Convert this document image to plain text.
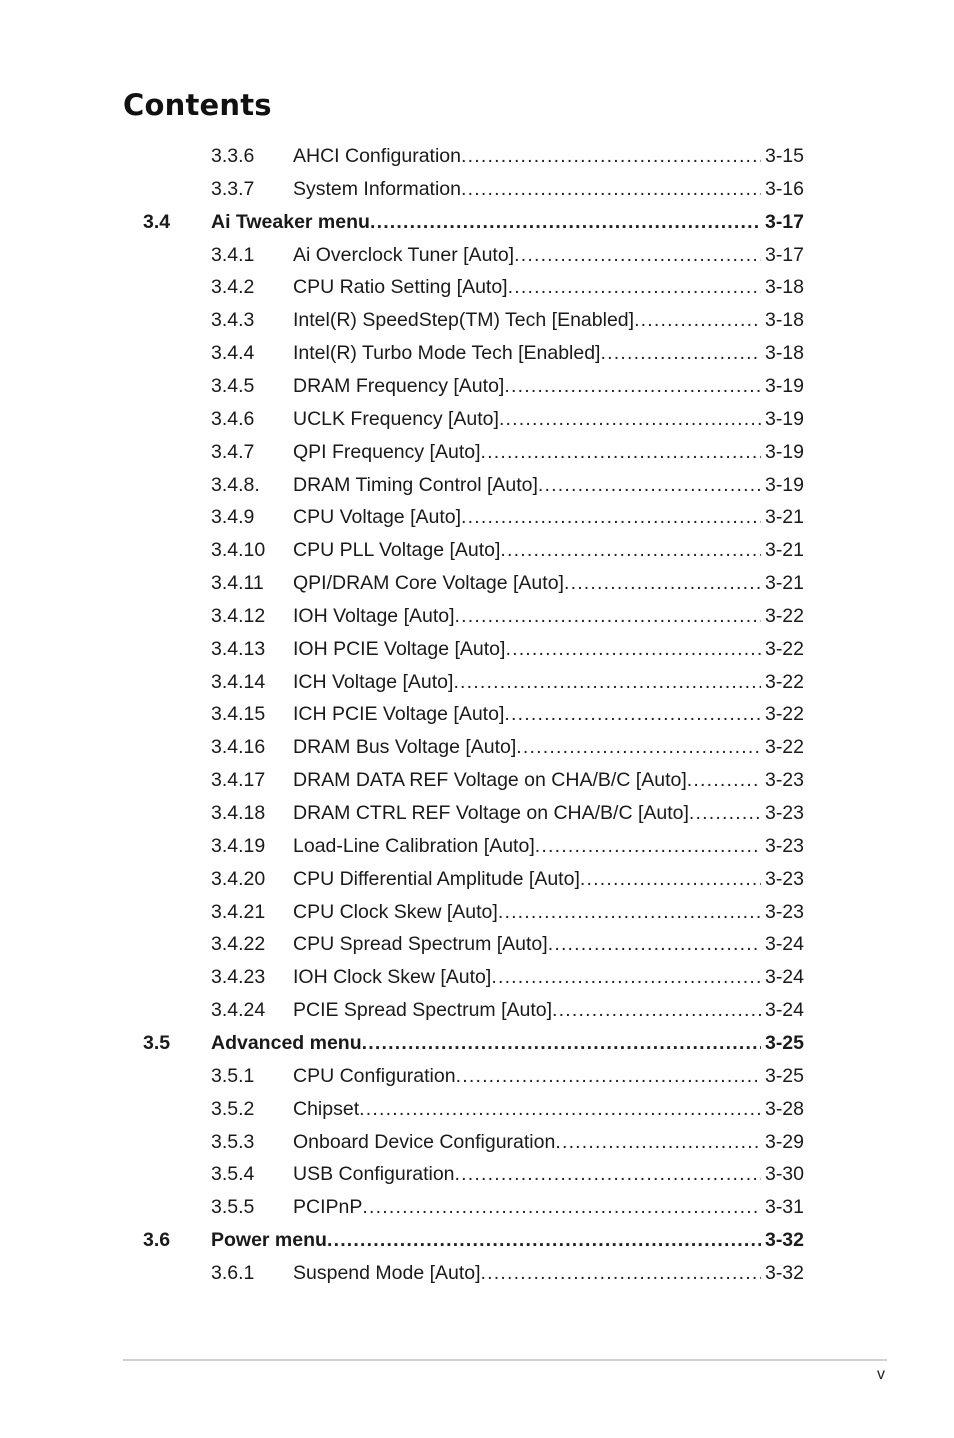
Contents
3.3.6 AHCI Configuration .....	3-15
3.3.7 System Information .....	3-16
3.4 Ai Tweaker menu .....	3-17
3.4.1 Ai Overclock Tuner [Auto] .....	3-17
3.4.2 CPU Ratio Setting [Auto] .....	3-18
3.4.3 Intel(R) SpeedStep(TM) Tech [Enabled] .....	3-18
3.4.4 Intel(R) Turbo Mode Tech [Enabled] .....	3-18
3.4.5 DRAM Frequency [Auto] .....	3-19
3.4.6 UCLK Frequency [Auto] .....	3-19
3.4.7 QPI Frequency [Auto] .....	3-19
3.4.8. DRAM Timing Control [Auto] .....	3-19
3.4.9 CPU Voltage [Auto] .....	3-21
3.4.10 CPU PLL Voltage [Auto] .....	3-21
3.4.11 QPI/DRAM Core Voltage [Auto] .....	3-21
3.4.12 IOH Voltage [Auto] .....	3-22
3.4.13 IOH PCIE Voltage [Auto] .....	3-22
3.4.14 ICH Voltage [Auto] .....	3-22
3.4.15 ICH PCIE Voltage [Auto] .....	3-22
3.4.16 DRAM Bus Voltage [Auto] .....	3-22
3.4.17 DRAM DATA REF Voltage on CHA/B/C [Auto] .....	3-23
3.4.18 DRAM CTRL REF Voltage on CHA/B/C [Auto] .....	3-23
3.4.19 Load-Line Calibration [Auto] .....	3-23
3.4.20 CPU Differential Amplitude [Auto] .....	3-23
3.4.21 CPU Clock Skew [Auto] .....	3-23
3.4.22 CPU Spread Spectrum [Auto] .....	3-24
3.4.23 IOH Clock Skew [Auto] .....	3-24
3.4.24 PCIE Spread Spectrum [Auto] .....	3-24
3.5 Advanced menu .....	3-25
3.5.1 CPU Configuration .....	3-25
3.5.2 Chipset .....	3-28
3.5.3 Onboard Device Configuration .....	3-29
3.5.4 USB Configuration .....	3-30
3.5.5 PCIPnP .....	3-31
3.6 Power menu .....	3-32
3.6.1 Suspend Mode [Auto] .....	3-32
v
